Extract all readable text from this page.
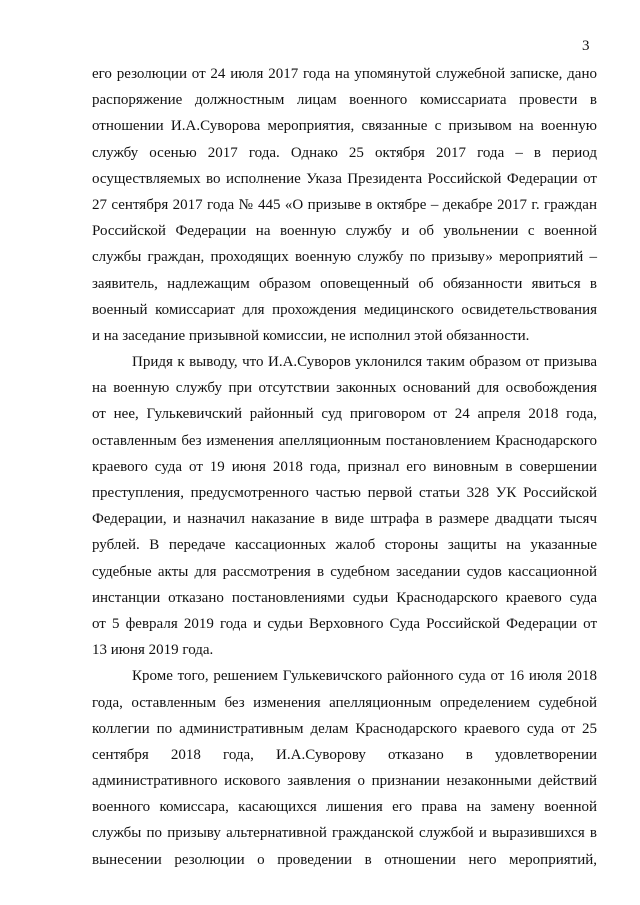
3
его резолюции от 24 июля 2017 года на упомянутой служебной записке, дано
распоряжение должностным лицам военного комиссариата провести в
отношении И.А.Суворова мероприятия, связанные с призывом на военную
службу осенью 2017 года. Однако 25 октября 2017 года – в период
осуществляемых во исполнение Указа Президента Российской Федерации от
27 сентября 2017 года № 445 «О призыве в октябре – декабре 2017 г. граждан
Российской Федерации на военную службу и об увольнении с военной
службы граждан, проходящих военную службу по призыву» мероприятий –
заявитель, надлежащим образом оповещенный об обязанности явиться в
военный комиссариат для прохождения медицинского освидетельствования
и на заседание призывной комиссии, не исполнил этой обязанности.
Придя к выводу, что И.А.Суворов уклонился таким образом от призыва
на военную службу при отсутствии законных оснований для освобождения
от нее, Гулькевичский районный суд приговором от 24 апреля 2018 года,
оставленным без изменения апелляционным постановлением Краснодарского
краевого суда от 19 июня 2018 года, признал его виновным в совершении
преступления, предусмотренного частью первой статьи 328 УК Российской
Федерации, и назначил наказание в виде штрафа в размере двадцати тысяч
рублей. В передаче кассационных жалоб стороны защиты на указанные
судебные акты для рассмотрения в судебном заседании судов кассационной
инстанции отказано постановлениями судьи Краснодарского краевого суда
от 5 февраля 2019 года и судьи Верховного Суда Российской Федерации от
13 июня 2019 года.
Кроме того, решением Гулькевичского районного суда от 16 июля 2018
года, оставленным без изменения апелляционным определением судебной
коллегии по административным делам Краснодарского краевого суда от 25
сентября 2018 года, И.А.Суворову отказано в удовлетворении
административного искового заявления о признании незаконными действий
военного комиссара, касающихся лишения его права на замену военной
службы по призыву альтернативной гражданской службой и выразившихся в
вынесении резолюции о проведении в отношении него мероприятий,
